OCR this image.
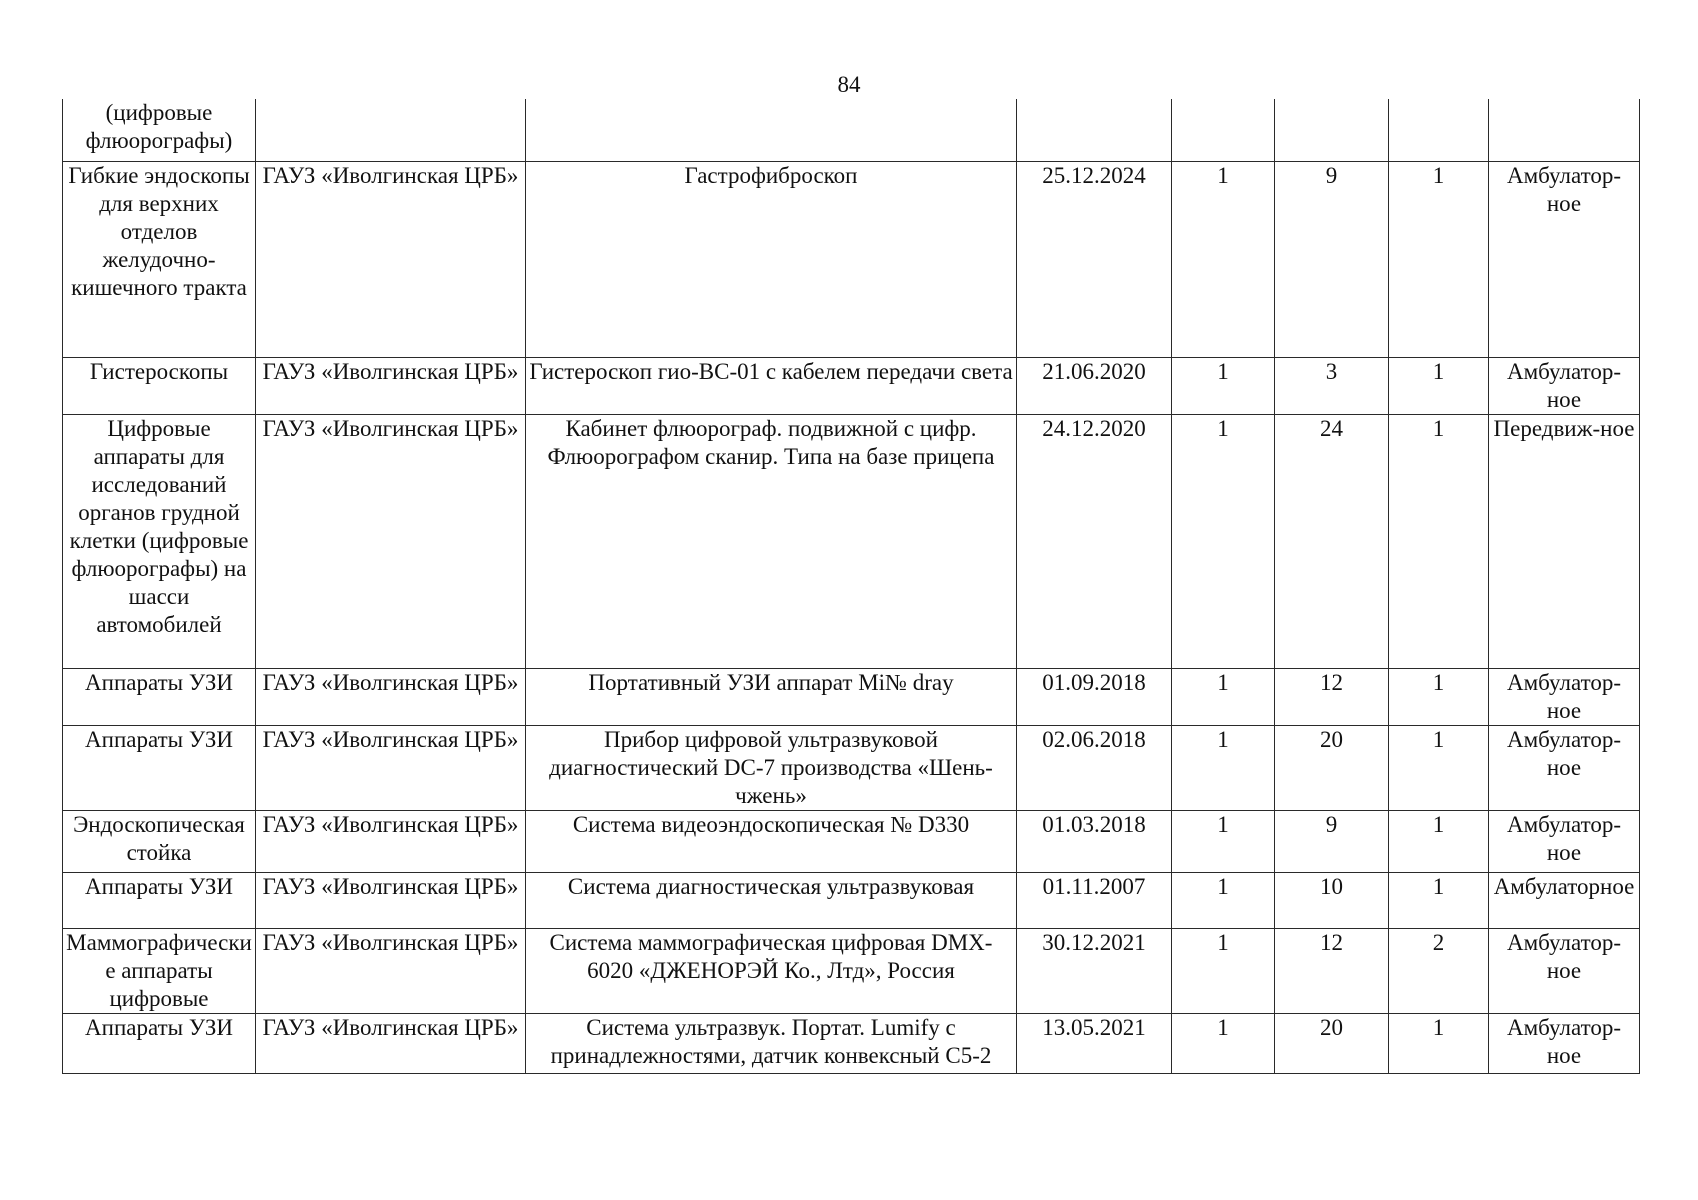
84
(цифровые флюорографы)							
Гибкие эндоскопы для верхних отделов желудочно-кишечного тракта	ГАУЗ «Иволгинская ЦРБ»	Гастрофиброскоп	25.12.2024	1	9	1	Амбулатор-ное
Гистероскопы	ГАУЗ «Иволгинская ЦРБ»	Гистероскоп гио-ВС-01 с кабелем передачи света	21.06.2020	1	3	1	Амбулатор-ное
Цифровые аппараты для исследований органов грудной клетки (цифровые флюорографы) на шасси автомобилей	ГАУЗ «Иволгинская ЦРБ»	Кабинет флюорограф. подвижной с цифр. Флюорографом сканир. Типа на базе прицепа	24.12.2020	1	24	1	Передвиж-ное
Аппараты УЗИ	ГАУЗ «Иволгинская ЦРБ»	Портативный УЗИ аппарат Mi№ dray	01.09.2018	1	12	1	Амбулатор-ное
Аппараты УЗИ	ГАУЗ «Иволгинская ЦРБ»	Прибор цифровой ультразвуковой диагностический DC-7 производства «Шень-чжень»	02.06.2018	1	20	1	Амбулатор-ное
Эндоскопическая стойка	ГАУЗ «Иволгинская ЦРБ»	Система видеоэндоскопическая № D330	01.03.2018	1	9	1	Амбулатор-ное
Аппараты УЗИ	ГАУЗ «Иволгинская ЦРБ»	Система диагностическая ультразвуковая	01.11.2007	1	10	1	Амбулаторное
Маммографические аппараты цифровые	ГАУЗ «Иволгинская ЦРБ»	Система маммографическая цифровая DMX-6020 «ДЖЕНОРЭЙ Ко., Лтд», Россия	30.12.2021	1	12	2	Амбулатор-ное
Аппараты УЗИ	ГАУЗ «Иволгинская ЦРБ»	Система ультразвук. Портат. Lumify с принадлежностями, датчик конвексный C5-2	13.05.2021	1	20	1	Амбулатор-ное
